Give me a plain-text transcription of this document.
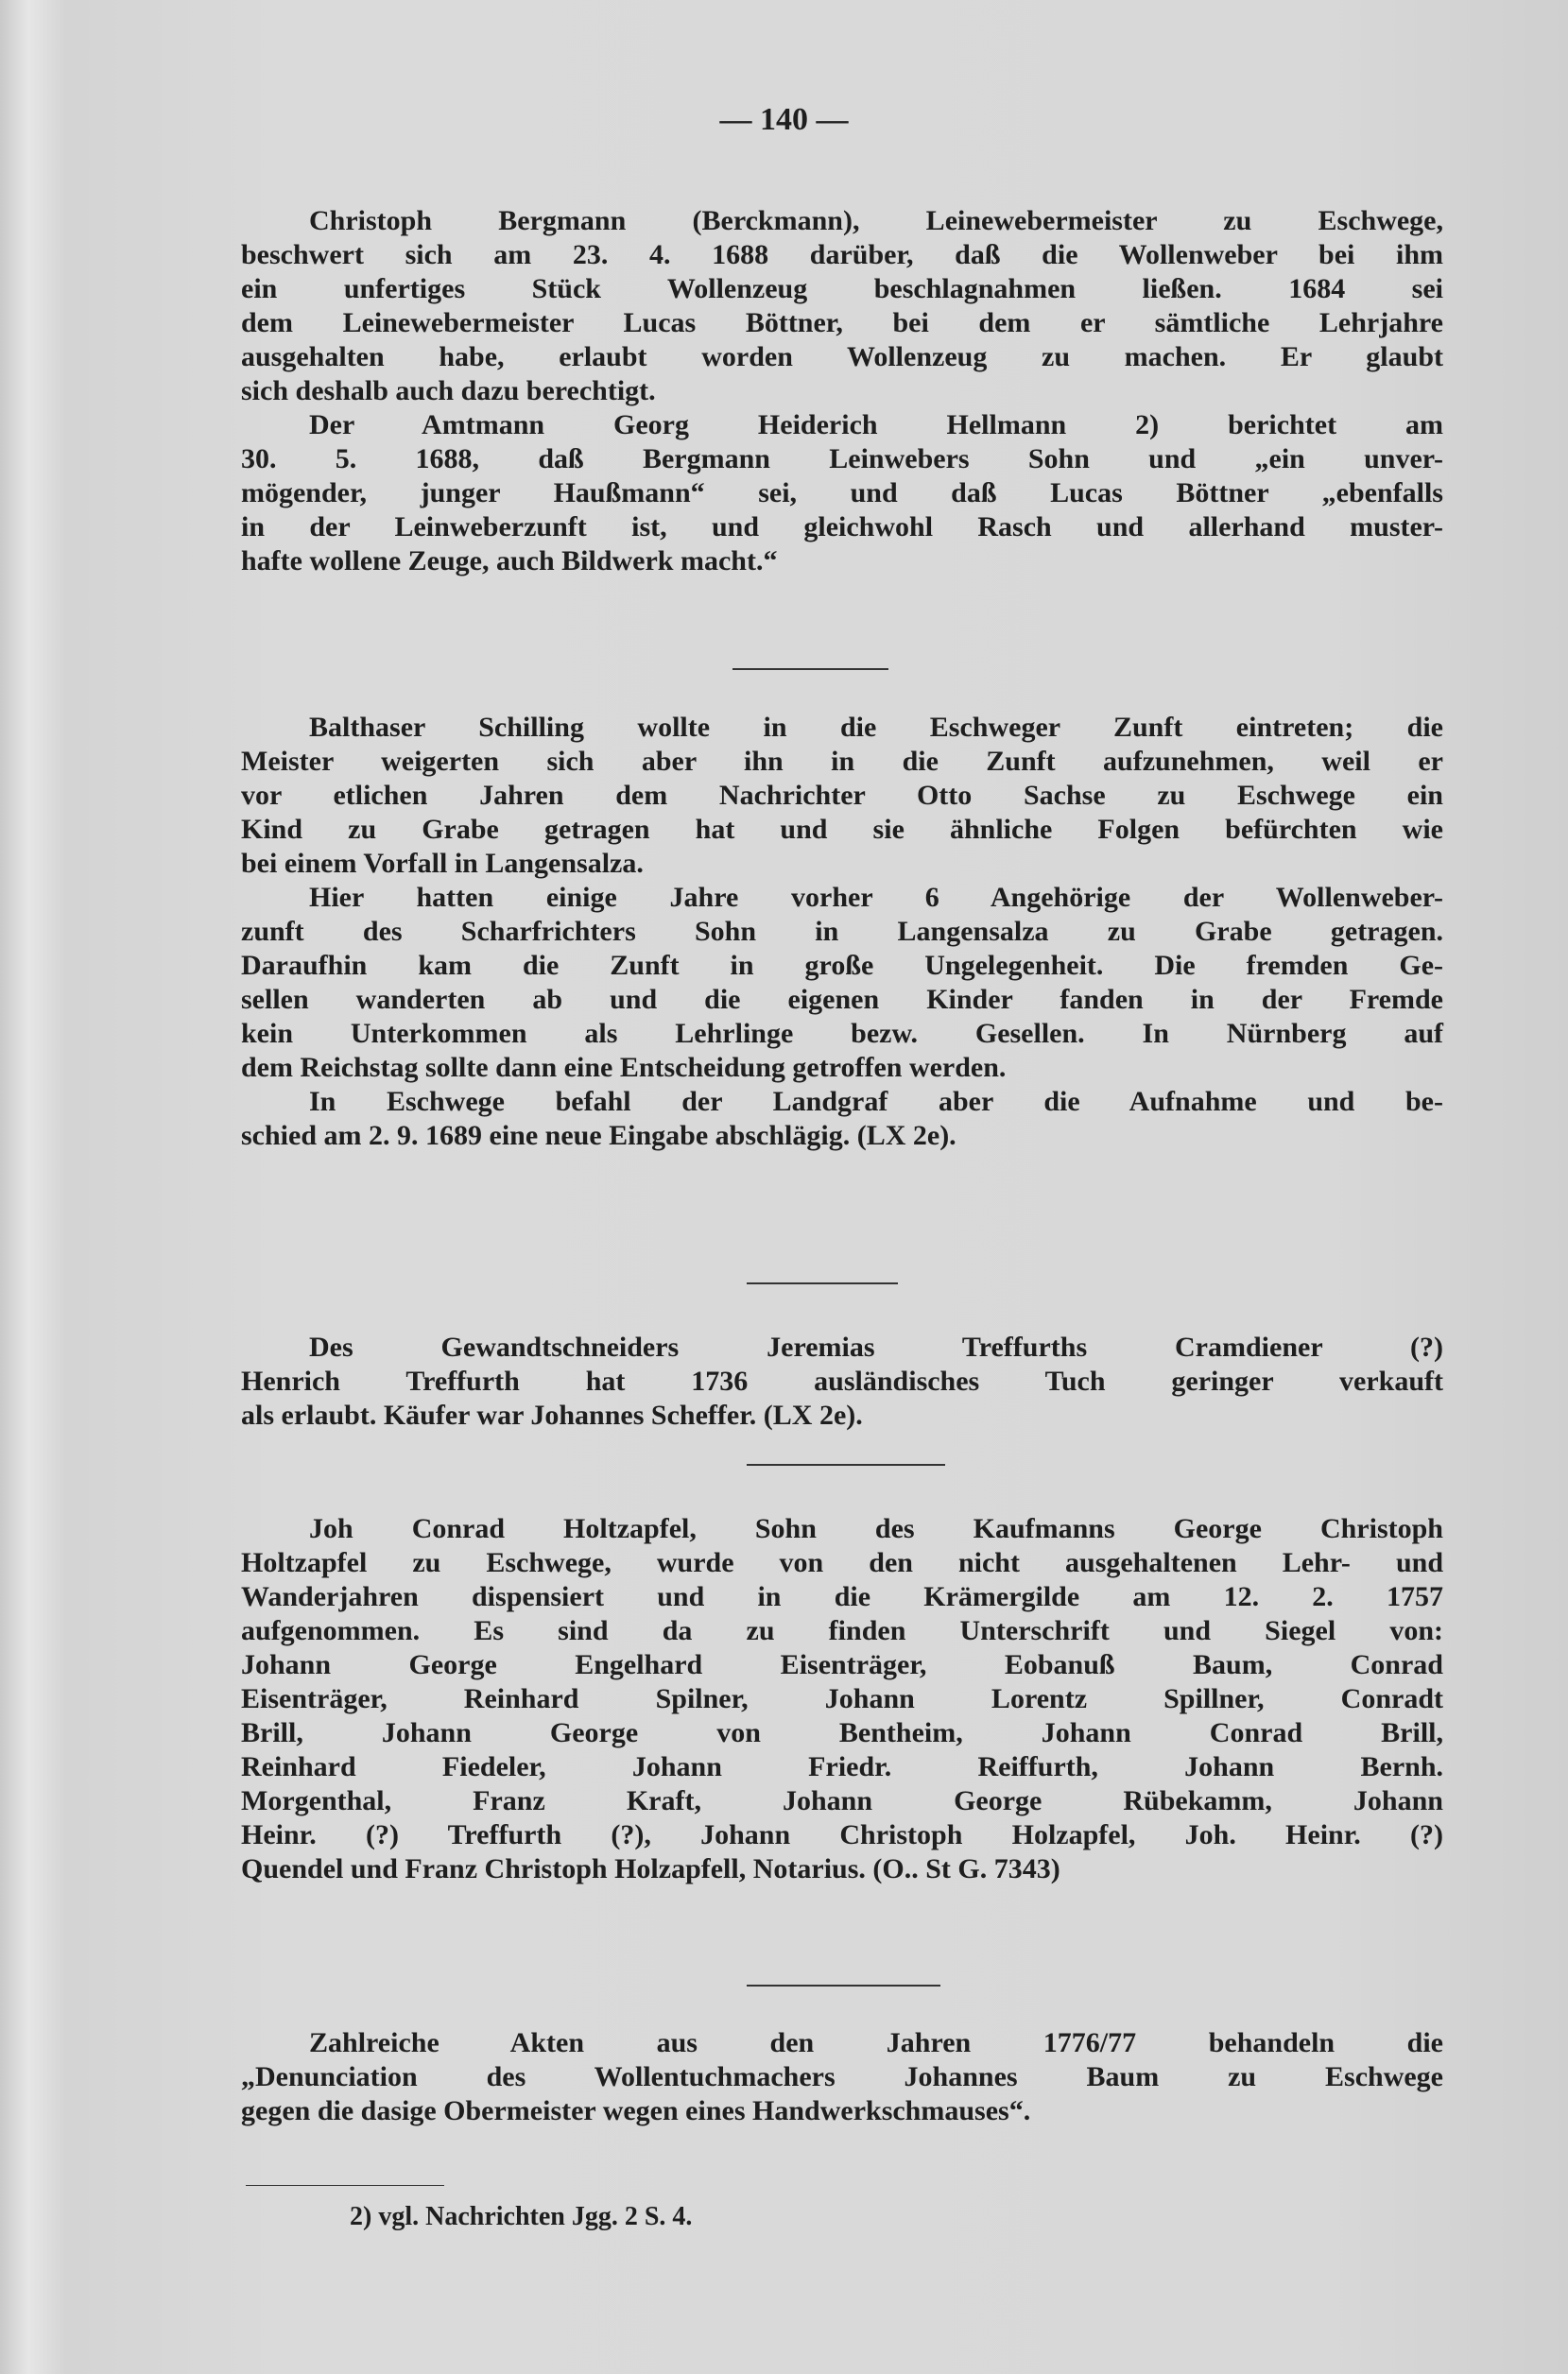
— 140 —
Christoph Bergmann (Berckmann), Leinewebermeister zu Eschwege,
beschwert sich am 23. 4. 1688 darüber, daß die Wollenweber bei ihm
ein unfertiges Stück Wollenzeug beschlagnahmen ließen. 1684 sei
dem Leinewebermeister Lucas Böttner, bei dem er sämtliche Lehrjahre
ausgehalten habe, erlaubt worden Wollenzeug zu machen. Er glaubt
sich deshalb auch dazu berechtigt.
Der Amtmann Georg Heiderich Hellmann 2) berichtet am
30. 5. 1688, daß Bergmann Leinwebers Sohn und „ein unver-
mögender, junger Haußmann“ sei, und daß Lucas Böttner „ebenfalls
in der Leinweberzunft ist, und gleichwohl Rasch und allerhand muster-
hafte wollene Zeuge, auch Bildwerk macht.“
Balthaser Schilling wollte in die Eschweger Zunft eintreten; die
Meister weigerten sich aber ihn in die Zunft aufzunehmen, weil er
vor etlichen Jahren dem Nachrichter Otto Sachse zu Eschwege ein
Kind zu Grabe getragen hat und sie ähnliche Folgen befürchten wie
bei einem Vorfall in Langensalza.
Hier hatten einige Jahre vorher 6 Angehörige der Wollenweber-
zunft des Scharfrichters Sohn in Langensalza zu Grabe getragen.
Daraufhin kam die Zunft in große Ungelegenheit. Die fremden Ge-
sellen wanderten ab und die eigenen Kinder fanden in der Fremde
kein Unterkommen als Lehrlinge bezw. Gesellen. In Nürnberg auf
dem Reichstag sollte dann eine Entscheidung getroffen werden.
In Eschwege befahl der Landgraf aber die Aufnahme und be-
schied am 2. 9. 1689 eine neue Eingabe abschlägig. (LX 2e).
Des Gewandtschneiders Jeremias Treffurths Cramdiener (?)
Henrich Treffurth hat 1736 ausländisches Tuch geringer verkauft
als erlaubt. Käufer war Johannes Scheffer. (LX 2e).
Joh Conrad Holtzapfel, Sohn des Kaufmanns George Christoph
Holtzapfel zu Eschwege, wurde von den nicht ausgehaltenen Lehr- und
Wanderjahren dispensiert und in die Krämergilde am 12. 2. 1757
aufgenommen. Es sind da zu finden Unterschrift und Siegel von:
Johann George Engelhard Eisenträger, Eobanuß Baum, Conrad
Eisenträger, Reinhard Spilner, Johann Lorentz Spillner, Conradt
Brill, Johann George von Bentheim, Johann Conrad Brill,
Reinhard Fiedeler, Johann Friedr. Reiffurth, Johann Bernh.
Morgenthal, Franz Kraft, Johann George Rübekamm, Johann
Heinr. (?) Treffurth (?), Johann Christoph Holzapfel, Joh. Heinr. (?)
Quendel und Franz Christoph Holzapfell, Notarius. (O.. St G. 7343)
Zahlreiche Akten aus den Jahren 1776/77 behandeln die
„Denunciation des Wollentuchmachers Johannes Baum zu Eschwege
gegen die dasige Obermeister wegen eines Handwerkschmauses“.
2) vgl. Nachrichten Jgg. 2 S. 4.
